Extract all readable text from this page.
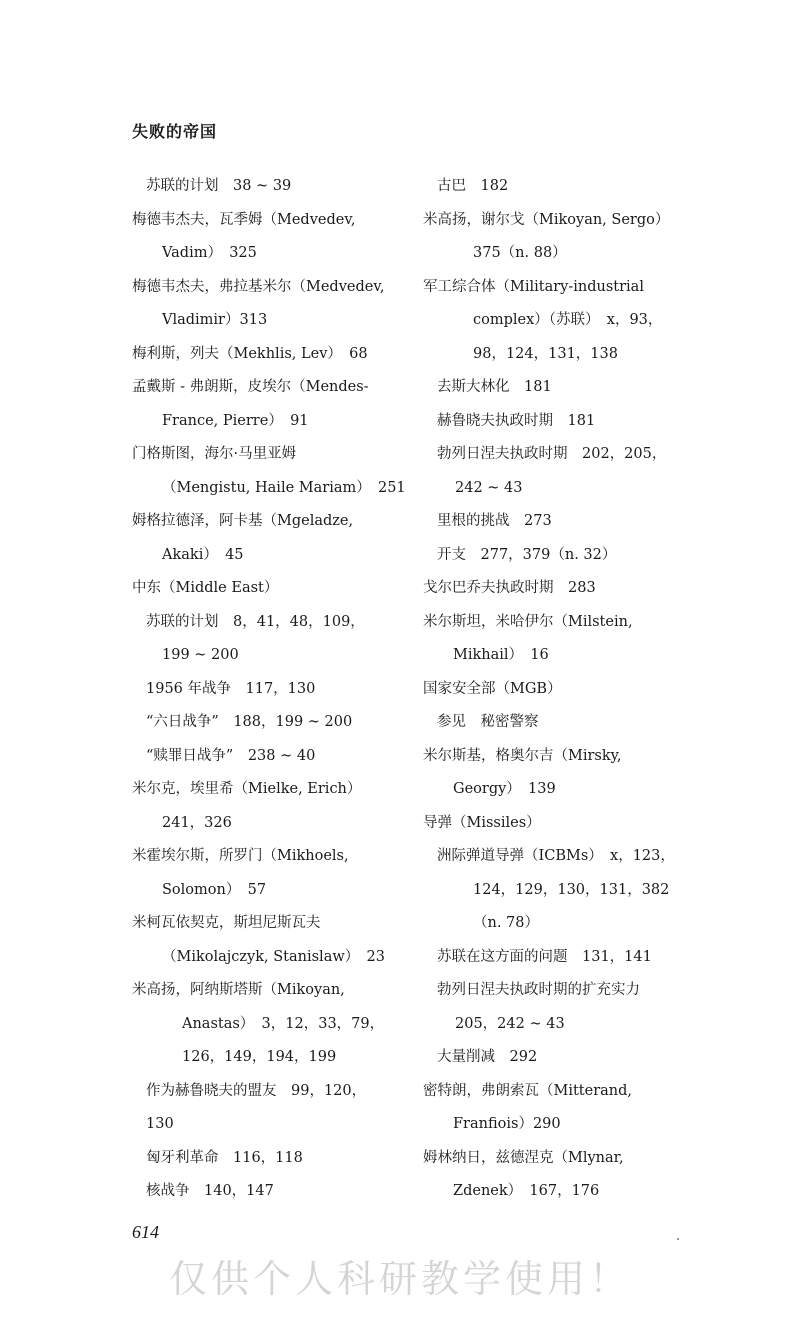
失败的帝国
苏联的计划　38 ~ 39
梅德韦杰夫，瓦季姆（Medvedev,
Vadim）　325
梅德韦杰夫，弗拉基米尔（Medvedev,
Vladimir）313
梅利斯，列夫（Mekhlis, Lev）　68
孟戴斯 - 弗朗斯，皮埃尔（Mendes-
France, Pierre）　91
门格斯图，海尔·马里亚姆
（Mengistu, Haile Mariam）　251
姆格拉德泽，阿卡基（Mgeladze,
Akaki）　45
中东（Middle East）
苏联的计划　8，41，48，109，
199 ~ 200
1956 年战争　117，130
“六日战争”　188，199 ~ 200
“赎罪日战争”　238 ~ 40
米尔克，埃里希（Mielke, Erich）
241，326
米霍埃尔斯，所罗门（Mikhoels,
Solomon）　57
米柯瓦依契克，斯坦尼斯瓦夫
（Mikolajczyk, Stanislaw）　23
米高扬，阿纳斯塔斯（Mikoyan,
Anastas）　3，12，33，79，
126，149，194，199
作为赫鲁晓夫的盟友　99，120，
130
匈牙利革命　116，118
核战争　140，147
古巴　182
米高扬，谢尔戈（Mikoyan, Sergo）
375（n. 88）
军工综合体（Military-industrial
complex）（苏联）　x，93，
98，124，131，138
去斯大林化　181
赫鲁晓夫执政时期　181
勃列日涅夫执政时期　202，205，
242 ~ 43
里根的挑战　273
开支　277，379（n. 32）
戈尔巴乔夫执政时期　283
米尔斯坦，米哈伊尔（Milstein,
Mikhail）　16
国家安全部（MGB）
参见　秘密警察
米尔斯基，格奥尔吉（Mirsky,
Georgy）　139
导弹（Missiles）
洲际弹道导弹（ICBMs）　x，123，
124，129，130，131，382
（n. 78）
苏联在这方面的问题　131，141
勃列日涅夫执政时期的扩充实力
205，242 ~ 43
大量削减　292
密特朗，弗朗索瓦（Mitterand,
Franfiois）290
姆林纳日，兹德涅克（Mlynar,
Zdenek）　167，176
614
仅供个人科研教学使用！
